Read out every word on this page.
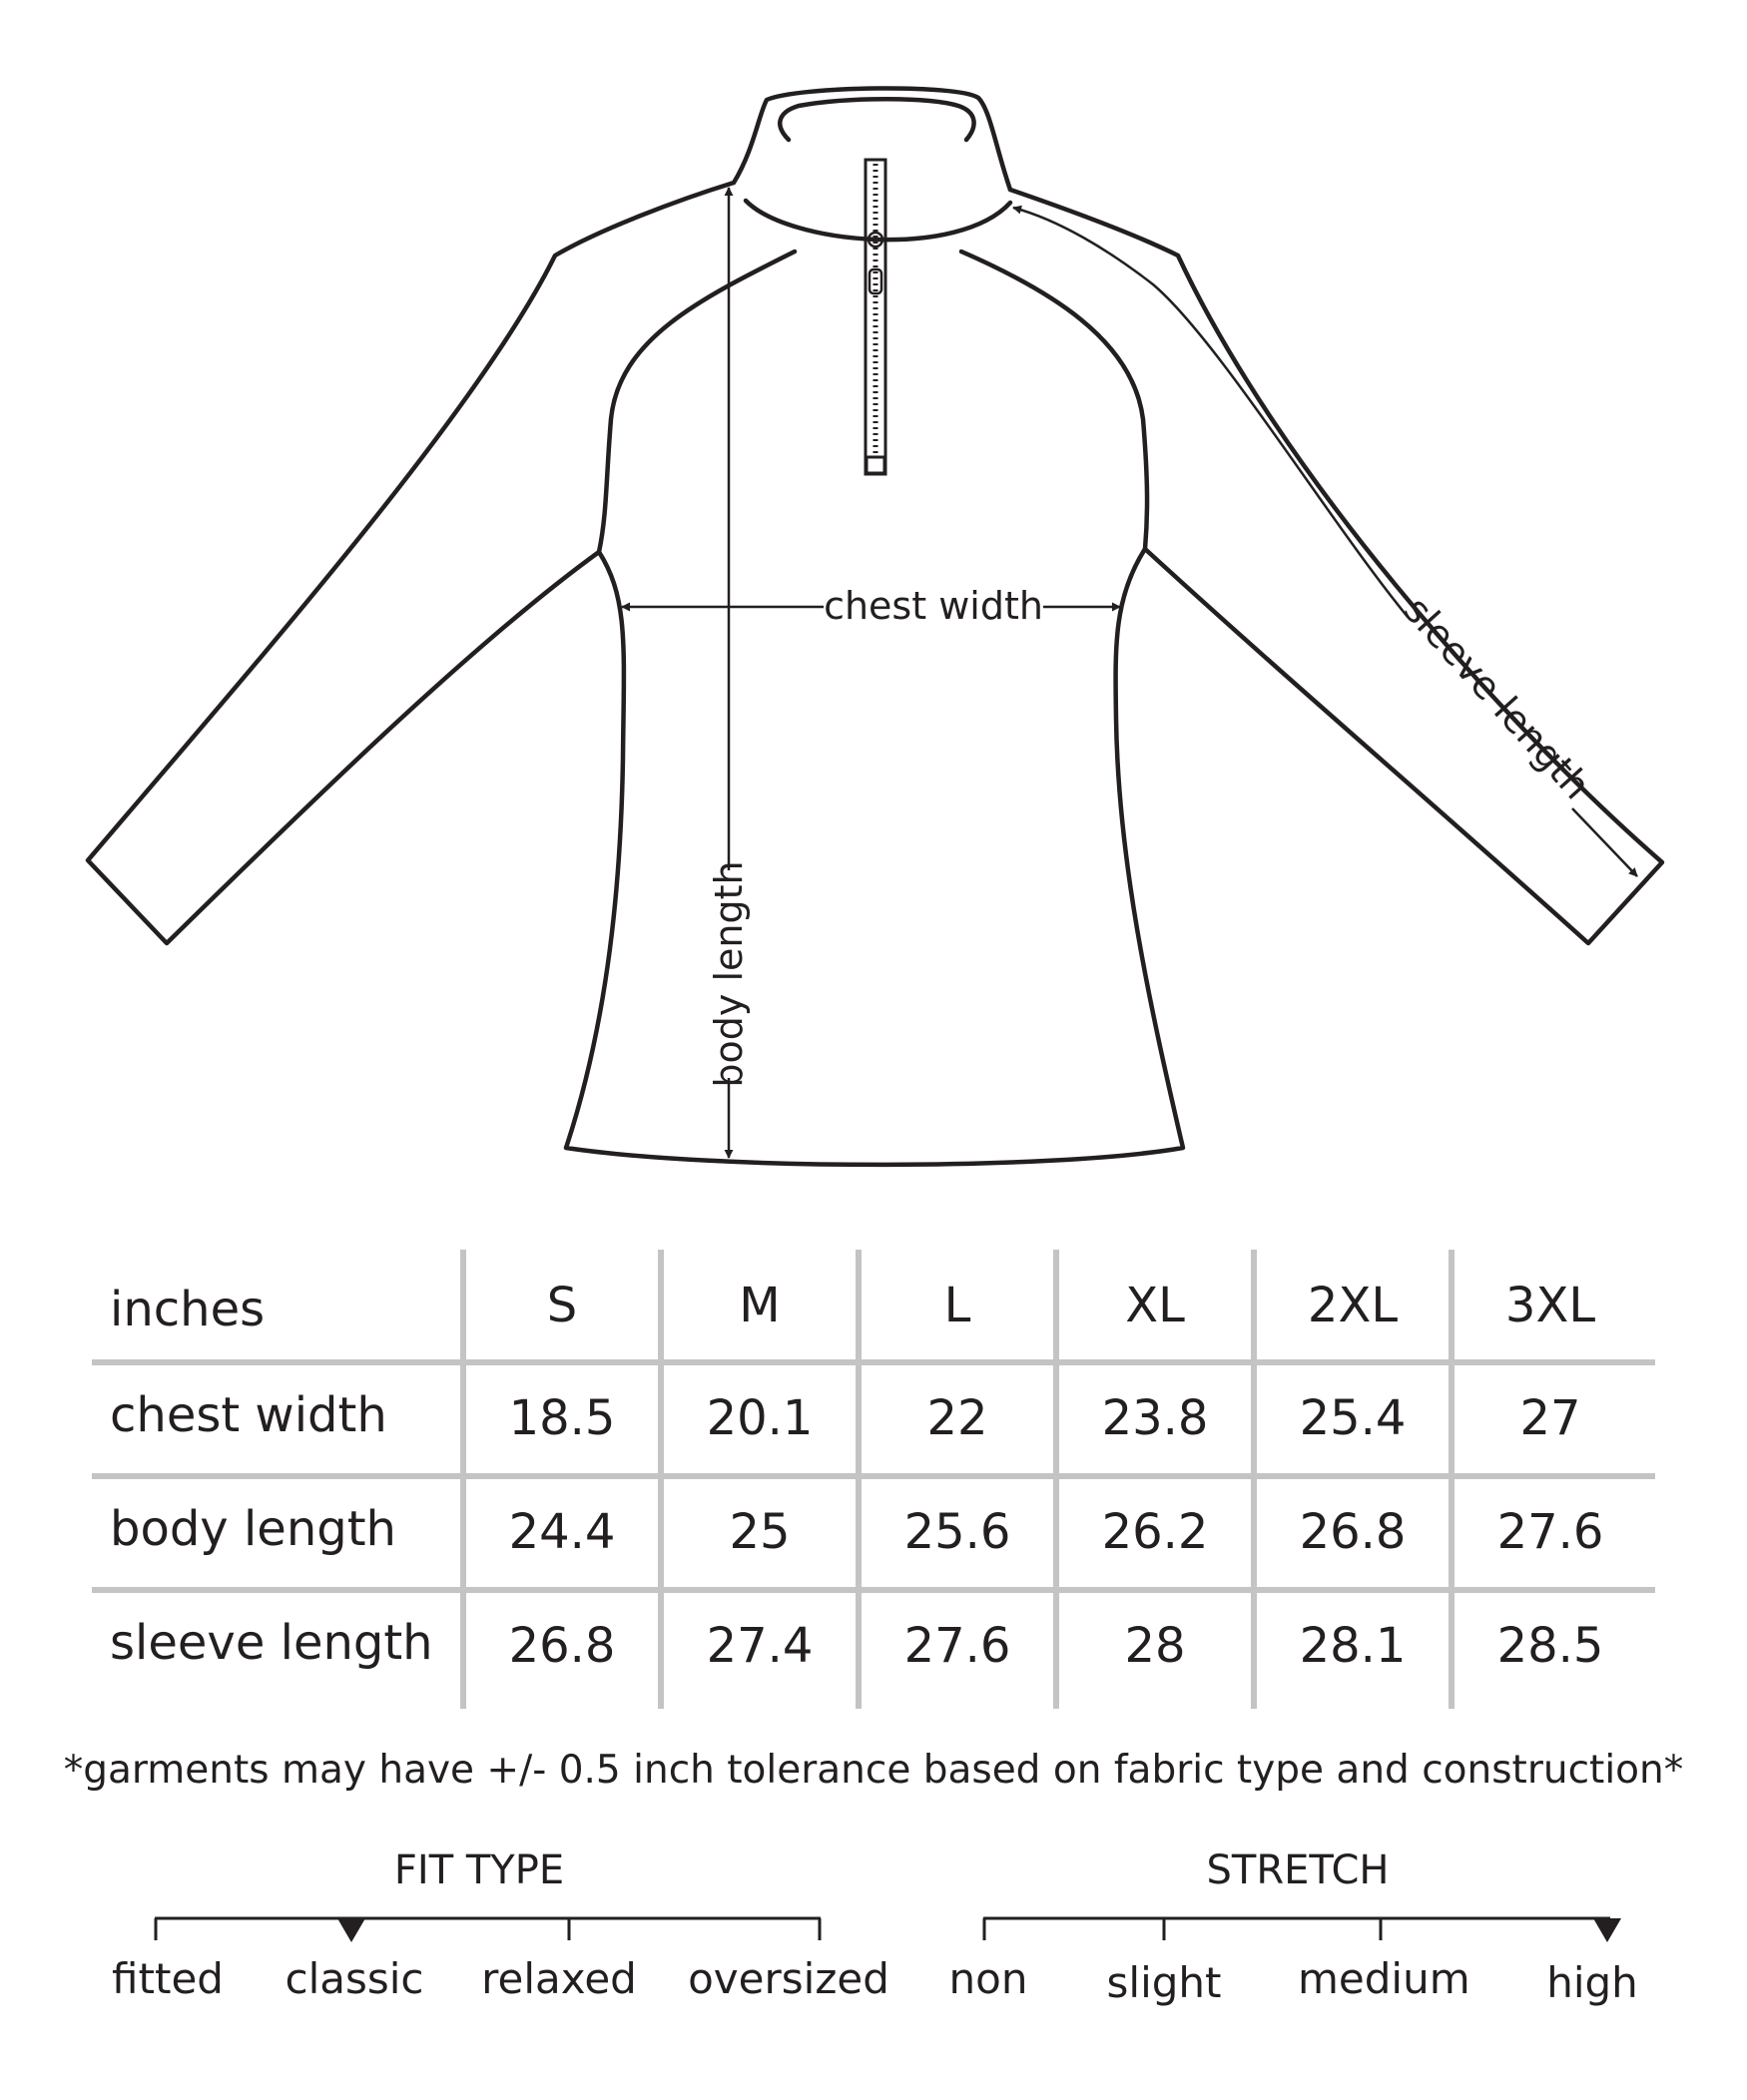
chest width
body length
sleeve length
inches	S	M	L	XL	2XL	3XL
chest width	18.5	20.1	22	23.8	25.4	27
body length	24.4	25	25.6	26.2	26.8	27.6
sleeve length	26.8	27.4	27.6	28	28.1	28.5
*garments may have +/- 0.5 inch tolerance based on fabric type and construction*
FIT TYPE
fitted	classic	relaxed oversized
STRETCH
non	slight	medium	high
